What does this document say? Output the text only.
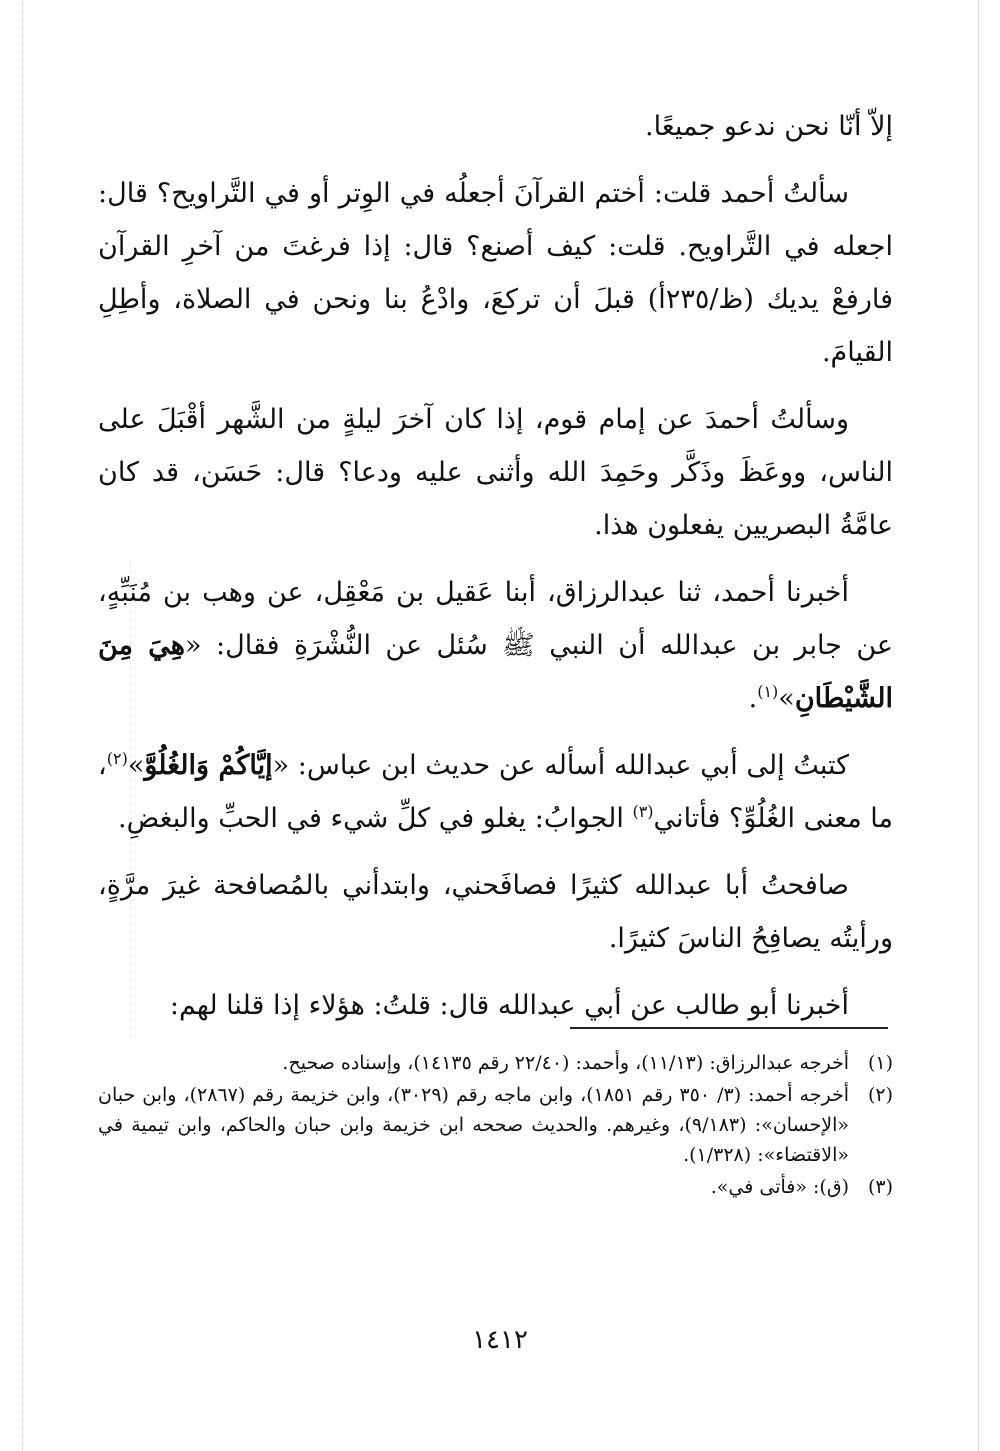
إلاّ أنّا نحن ندعو جميعًا.

سألتُ أحمد قلت: أختم القرآنَ أجعلُه في الوِتر أو في التَّراويح؟ قال: اجعله في التَّراويح. قلت: كيف أصنع؟ قال: إذا فرغتَ من آخرِ القرآن فارفعْ يديك (ظ/٢٣٥أ) قبلَ أن تركعَ، وادْعُ بنا ونحن في الصلاة، وأطِلِ القيامَ.

وسألتُ أحمدَ عن إمام قوم، إذا كان آخرَ ليلةٍ من الشَّهر أقْبَلَ على الناس، ووعَظَ وذَكَّر وحَمِدَ الله وأثنى عليه ودعا؟ قال: حَسَن، قد كان عامَّةُ البصريين يفعلون هذا.

أخبرنا أحمد، ثنا عبدالرزاق، أبنا عَقيل بن مَعْقِل، عن وهب بن مُنَبِّهٍ، عن جابر بن عبدالله أن النبي ﷺ سُئل عن النُّشْرَةِ فقال: «هِيَ مِنَ الشَّيْطَانِ»$^{(١)}$.

كتبتُ إلى أبي عبدالله أسأله عن حديث ابن عباس: «إيَّاكُمْ وَالغُلُوَّ»$^{(٢)}$، ما معنى الغُلُوِّ؟ فأتاني$^{(٣)}$ الجوابُ: يغلو في كلِّ شيء في الحبِّ والبغضِ.

صافحتُ أبا عبدالله كثيرًا فصافَحني، وابتدأني بالمُصافحة غيرَ مرَّةٍ، ورأيتُه يصافِحُ الناسَ كثيرًا.

أخبرنا أبو طالب عن أبي عبدالله قال: قلتُ: هؤلاء إذا قلنا لهم:

(١)
أخرجه عبدالرزاق: (١١/١٣)، وأحمد: (٢٢/٤٠ رقم ١٤١٣٥)، وإسناده صحيح.
(٢)
أخرجه أحمد: (٣/ ٣٥٠ رقم ١٨٥١)، وابن ماجه رقم (٣٠٢٩)، وابن خزيمة رقم (٢٨٦٧)، وابن حبان «الإحسان»: (٩/١٨٣)، وغيرهم. والحديث صححه ابن خزيمة وابن حبان والحاكم، وابن تيمية في «الاقتضاء»: (١/٣٢٨).
(٣)
(ق): «فأتى في».
١٤١٢
